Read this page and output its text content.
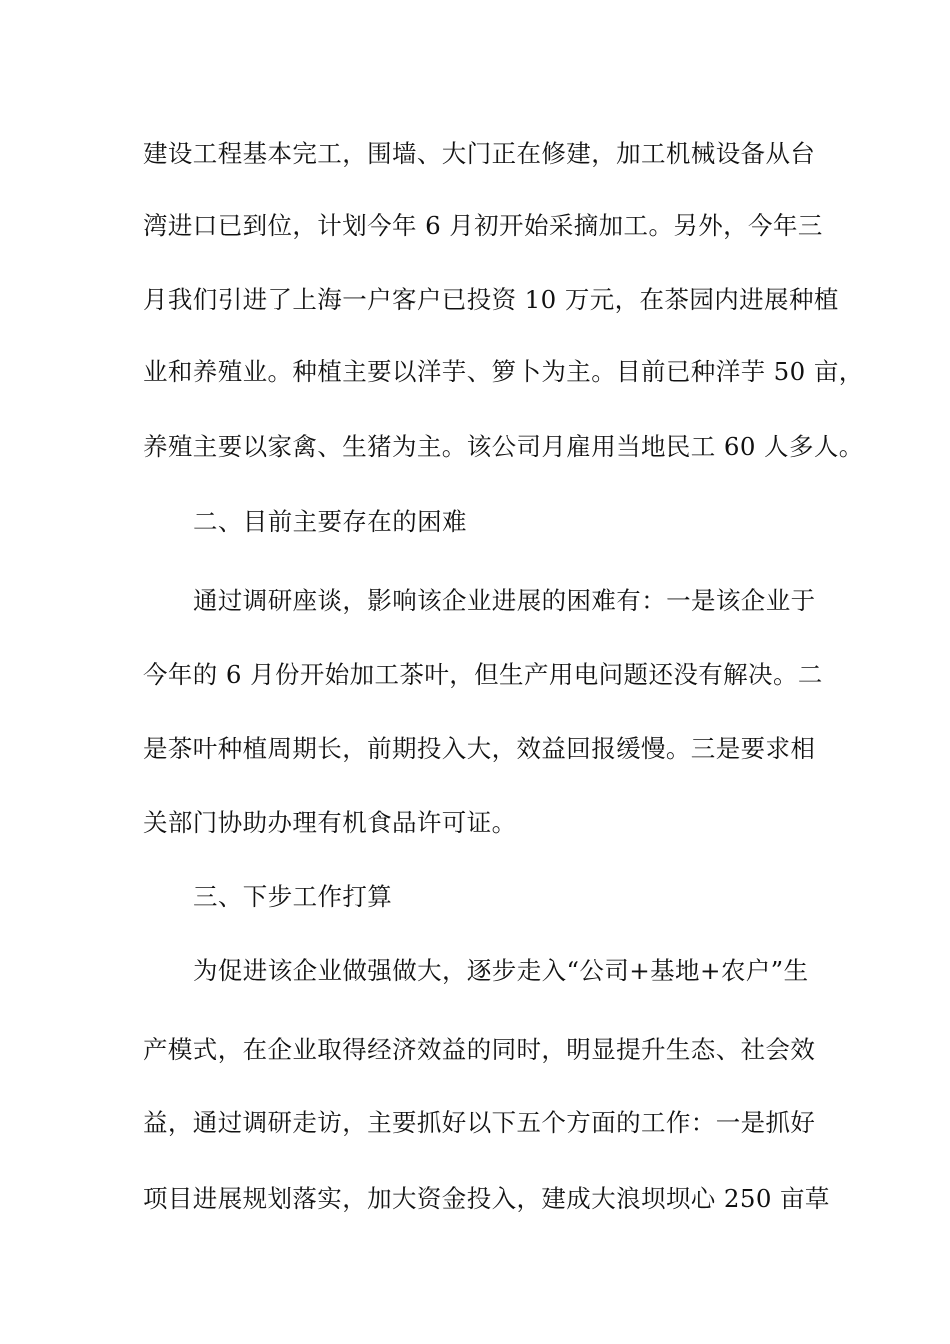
建设工程基本完工，围墙、大门正在修建，加工机械设备从台
湾进口已到位，计划今年 6 月初开始采摘加工。另外，今年三
月我们引进了上海一户客户已投资 10 万元，在茶园内进展种植
业和养殖业。种植主要以洋芋、箩卜为主。目前已种洋芋 50 亩，
养殖主要以家禽、生猪为主。该公司月雇用当地民工 60 人多人。
二、目前主要存在的困难
通过调研座谈，影响该企业进展的困难有：一是该企业于
今年的 6 月份开始加工茶叶，但生产用电问题还没有解决。二
是茶叶种植周期长，前期投入大，效益回报缓慢。三是要求相
关部门协助办理有机食品许可证。
三、下步工作打算
为促进该企业做强做大，逐步走入“公司+基地+农户”生
产模式，在企业取得经济效益的同时，明显提升生态、社会效
益，通过调研走访，主要抓好以下五个方面的工作：一是抓好
项目进展规划落实，加大资金投入，建成大浪坝坝心 250 亩草
